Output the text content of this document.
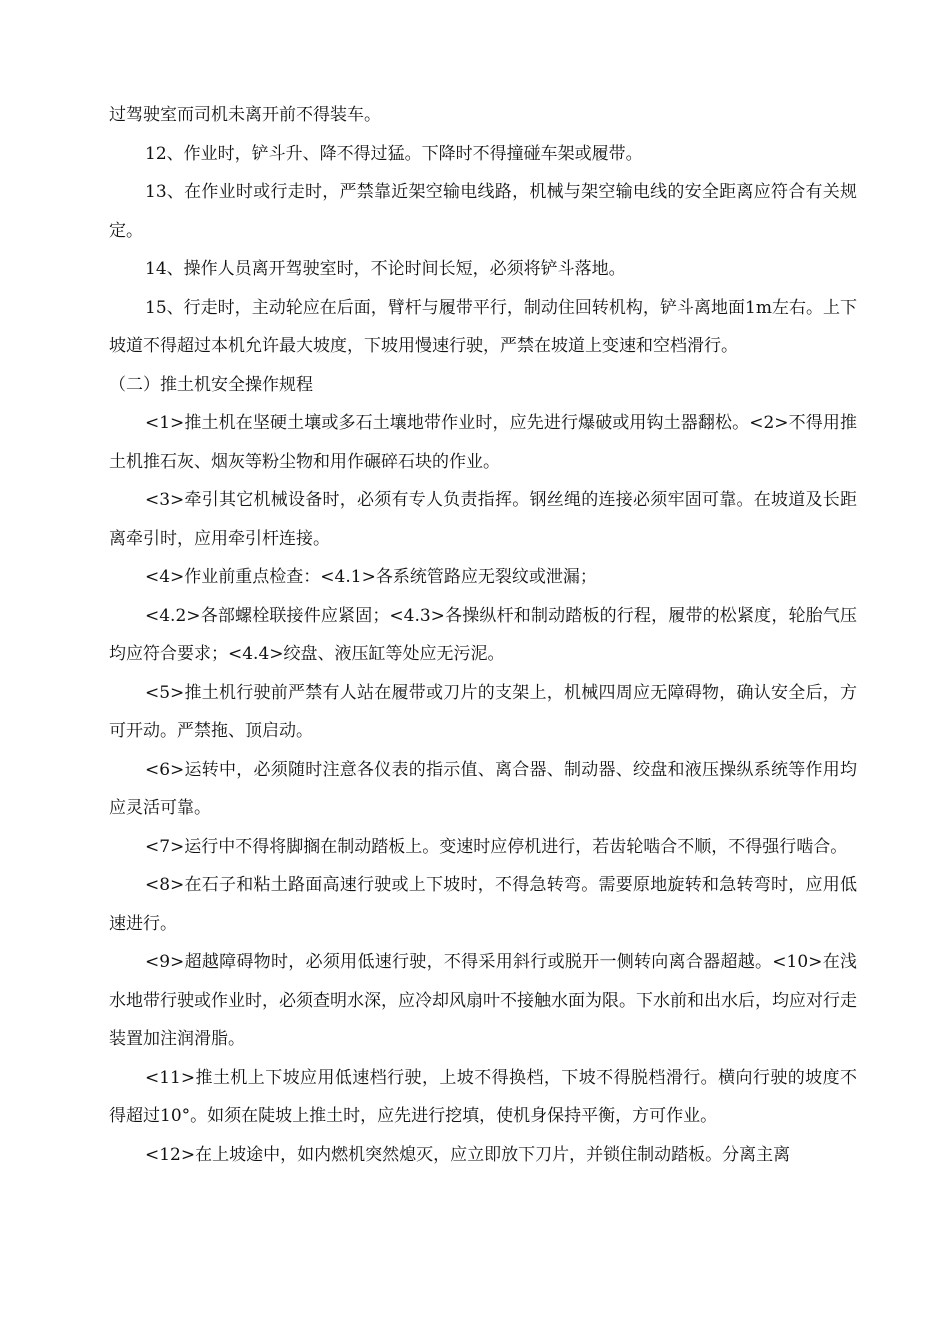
过驾驶室而司机未离开前不得装车。

12、作业时，铲斗升、降不得过猛。下降时不得撞碰车架或履带。

13、在作业时或行走时，严禁靠近架空输电线路，机械与架空输电线的安全距离应符合有关规定。

14、操作人员离开驾驶室时，不论时间长短，必须将铲斗落地。

15、行走时，主动轮应在后面，臂杆与履带平行，制动住回转机构，铲斗离地面1m左右。上下坡道不得超过本机允许最大坡度，下坡用慢速行驶，严禁在坡道上变速和空档滑行。

（二）推土机安全操作规程

<1>推土机在坚硬土壤或多石土壤地带作业时，应先进行爆破或用钩土器翻松。<2>不得用推土机推石灰、烟灰等粉尘物和用作碾碎石块的作业。

<3>牵引其它机械设备时，必须有专人负责指挥。钢丝绳的连接必须牢固可靠。在坡道及长距离牵引时，应用牵引杆连接。

<4>作业前重点检查：<4.1>各系统管路应无裂纹或泄漏；

<4.2>各部螺栓联接件应紧固；<4.3>各操纵杆和制动踏板的行程，履带的松紧度，轮胎气压均应符合要求；<4.4>绞盘、液压缸等处应无污泥。

<5>推土机行驶前严禁有人站在履带或刀片的支架上，机械四周应无障碍物，确认安全后，方可开动。严禁拖、顶启动。

<6>运转中，必须随时注意各仪表的指示值、离合器、制动器、绞盘和液压操纵系统等作用均应灵活可靠。

<7>运行中不得将脚搁在制动踏板上。变速时应停机进行，若齿轮啮合不顺，不得强行啮合。

<8>在石子和粘土路面高速行驶或上下坡时，不得急转弯。需要原地旋转和急转弯时，应用低速进行。

<9>超越障碍物时，必须用低速行驶，不得采用斜行或脱开一侧转向离合器超越。<10>在浅水地带行驶或作业时，必须查明水深，应冷却风扇叶不接触水面为限。下水前和出水后，均应对行走装置加注润滑脂。

<11>推土机上下坡应用低速档行驶，上坡不得换档，下坡不得脱档滑行。横向行驶的坡度不得超过10°。如须在陡坡上推土时，应先进行挖填，使机身保持平衡，方可作业。

<12>在上坡途中，如内燃机突然熄灭，应立即放下刀片，并锁住制动踏板。分离主离
